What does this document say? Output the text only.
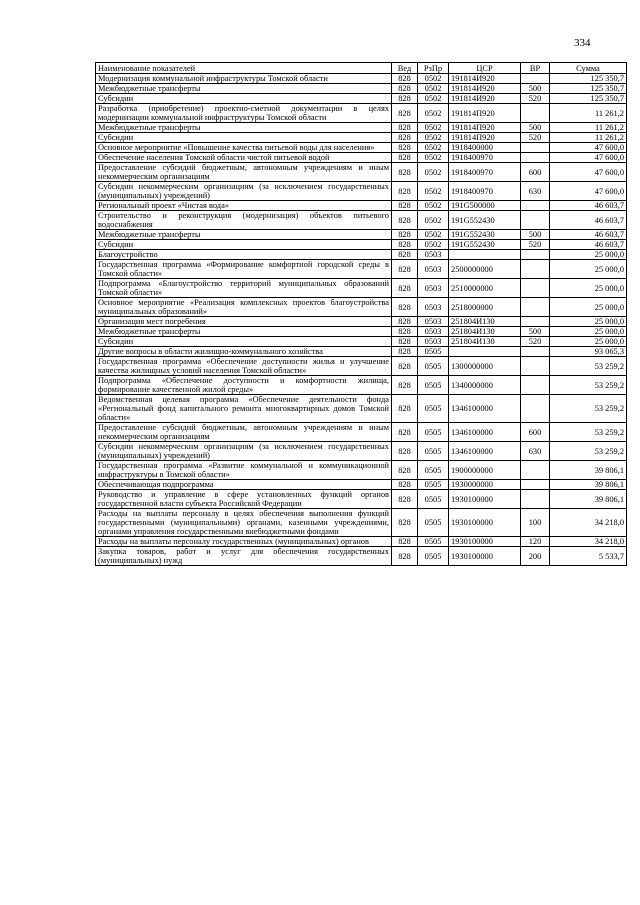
334
Наименование показателей	Вед	РзПр	ЦСР	ВР	Сумма
Модернизация коммунальной инфраструктуры Томской области	828	0502	191814И920		125 350,7
Межбюджетные трансферты	828	0502	191814И920	500	125 350,7
Субсидии	828	0502	191814И920	520	125 350,7
Разработка (приобретение) проектно-сметной документации в целях модернизации коммунальной инфраструктуры Томской области	828	0502	191814П920		11 261,2
Межбюджетные трансферты	828	0502	191814П920	500	11 261,2
Субсидии	828	0502	191814П920	520	11 261,2
Основное мероприятие «Повышение качества питьевой воды для населения»	828	0502	1918400000		47 600,0
Обеспечение населения Томской области чистой питьевой водой	828	0502	1918400970		47 600,0
Предоставление субсидий бюджетным, автономным учреждениям и иным некоммерческим организациям	828	0502	1918400970	600	47 600,0
Субсидии некоммерческим организациям (за исключением государственных (муниципальных) учреждений)	828	0502	1918400970	630	47 600,0
Региональный проект «Чистая вода»	828	0502	191G500000		46 603,7
Строительство и реконструкция (модернизация) объектов питьевого водоснабжения	828	0502	191G552430		46 603,7
Межбюджетные трансферты	828	0502	191G552430	500	46 603,7
Субсидии	828	0502	191G552430	520	46 603,7
Благоустройство	828	0503			25 000,0
Государственная программа «Формирование комфортной городской среды в Томской области»	828	0503	2500000000		25 000,0
Подпрограмма «Благоустройство территорий муниципальных образований Томской области»	828	0503	2510000000		25 000,0
Основное мероприятие «Реализация комплексных проектов благоустройства муниципальных образований»	828	0503	2518000000		25 000,0
Организация мест погребения	828	0503	251804И130		25 000,0
Межбюджетные трансферты	828	0503	251804И130	500	25 000,0
Субсидии	828	0503	251804И130	520	25 000,0
Другие вопросы в области жилищно-коммунального хозяйства	828	0505			93 065,3
Государственная программа «Обеспечение доступности жилья и улучшение качества жилищных условий населения Томской области»	828	0505	1300000000		53 259,2
Подпрограмма «Обеспечение доступности и комфортности жилища, формирование качественной жилой среды»	828	0505	1340000000		53 259,2
Ведомственная целевая программа «Обеспечение деятельности фонда «Региональный фонд капитального ремонта многоквартирных домов Томской области»	828	0505	1346100000		53 259,2
Предоставление субсидий бюджетным, автономным учреждениям и иным некоммерческим организациям	828	0505	1346100000	600	53 259,2
Субсидии некоммерческим организациям (за исключением государственных (муниципальных) учреждений)	828	0505	1346100000	630	53 259,2
Государственная программа «Развитие коммунальной и коммуникационной инфраструктуры в Томской области»	828	0505	1900000000		39 806,1
Обеспечивающая подпрограмма	828	0505	1930000000		39 806,1
Руководство и управление в сфере установленных функций органов государственной власти субъекта Российской Федерации	828	0505	1930100000		39 806,1
Расходы на выплаты персоналу в целях обеспечения выполнения функций государственными (муниципальными) органами, казенными учреждениями, органами управления государственными внебюджетными фондами	828	0505	1930100000	100	34 218,0
Расходы на выплаты персоналу государственных (муниципальных) органов	828	0505	1930100000	120	34 218,0
Закупка товаров, работ и услуг для обеспечения государственных (муниципальных) нужд	828	0505	1930100000	200	5 533,7
